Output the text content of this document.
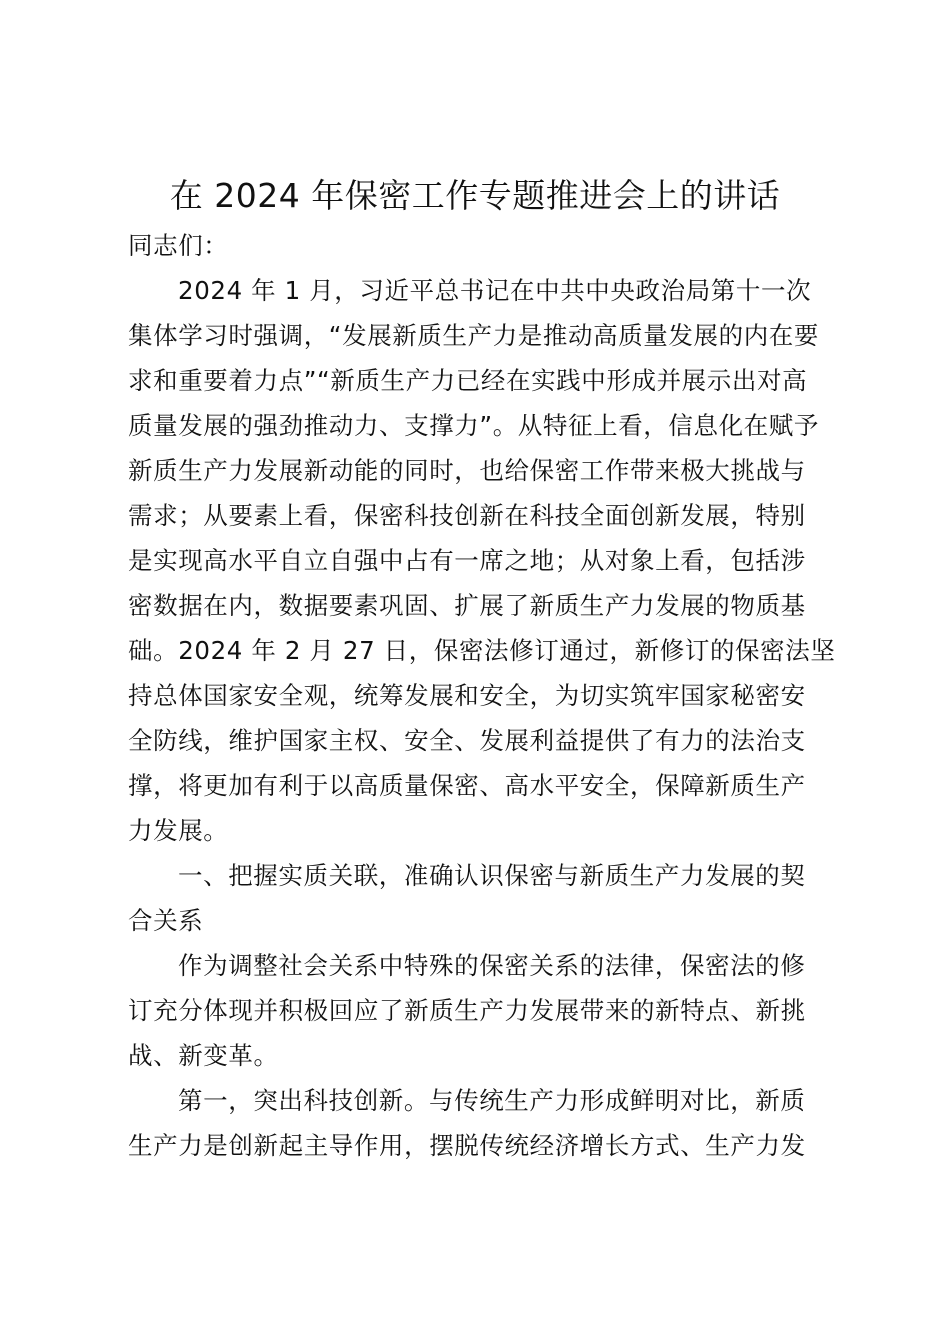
在 2024 年保密工作专题推进会上的讲话
同志们：
2024 年 1 月，习近平总书记在中共中央政治局第十一次
集体学习时强调，“发展新质生产力是推动高质量发展的内在要
求和重要着力点”“新质生产力已经在实践中形成并展示出对高
质量发展的强劲推动力、支撑力”。从特征上看，信息化在赋予
新质生产力发展新动能的同时，也给保密工作带来极大挑战与
需求；从要素上看，保密科技创新在科技全面创新发展，特别
是实现高水平自立自强中占有一席之地；从对象上看，包括涉
密数据在内，数据要素巩固、扩展了新质生产力发展的物质基
础。2024 年 2 月 27 日，保密法修订通过，新修订的保密法坚
持总体国家安全观，统筹发展和安全，为切实筑牢国家秘密安
全防线，维护国家主权、安全、发展利益提供了有力的法治支
撑，将更加有利于以高质量保密、高水平安全，保障新质生产
力发展。
一、把握实质关联，准确认识保密与新质生产力发展的契
合关系
作为调整社会关系中特殊的保密关系的法律，保密法的修
订充分体现并积极回应了新质生产力发展带来的新特点、新挑
战、新变革。
第一，突出科技创新。与传统生产力形成鲜明对比，新质
生产力是创新起主导作用，摆脱传统经济增长方式、生产力发
